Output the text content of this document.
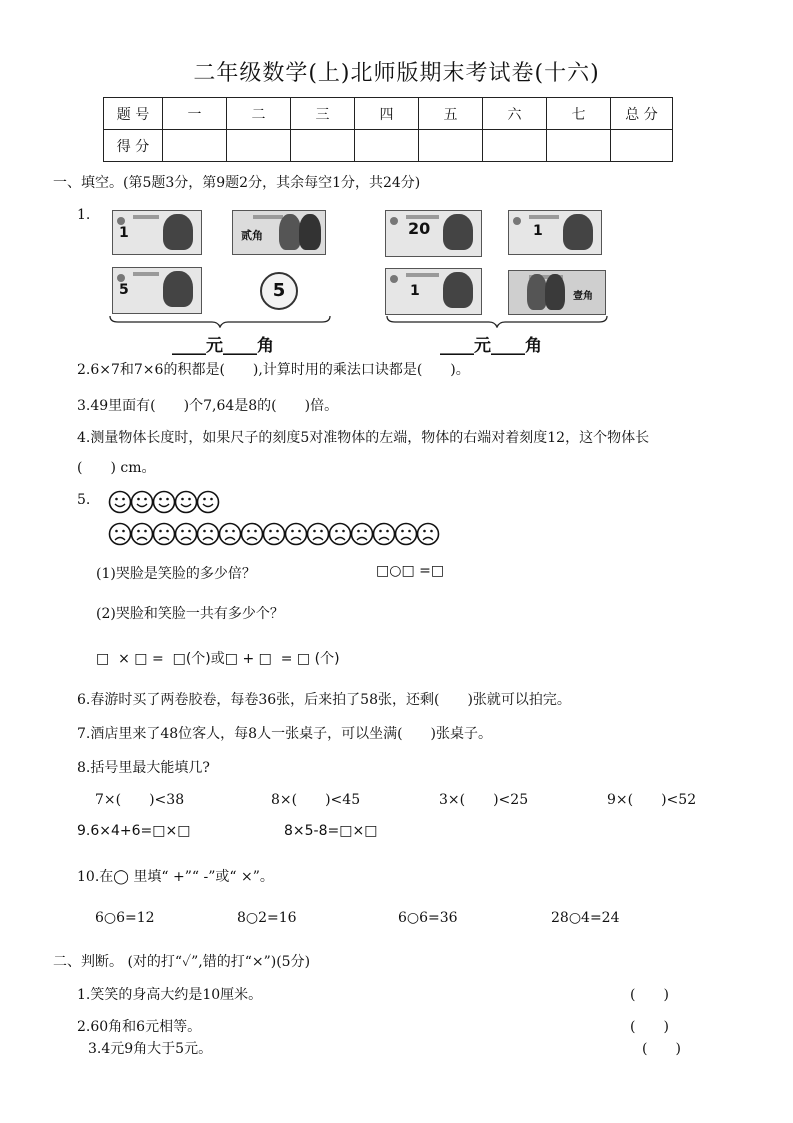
二年级数学(上)北师版期末考试卷(十六)
题 号	一	二	三	四	五	六	七	总 分
得 分								
一、填空。(第5题3分，第9题2分，其余每空1分，共24分)
1.
1	贰角
5	5
____元____角
20	1
1	壹角
____元____角
2.6×7和7×6的积都是(　　),计算时用的乘法口诀都是(　　)。
3.49里面有(　　)个7,64是8的(　　)倍。
4.测量物体长度时，如果尺子的刻度5对准物体的左端，物体的右端对着刻度12，这个物体长
(　　) cm。
5.
(1)哭脸是笑脸的多少倍？	□○□ =□
(2)哭脸和笑脸一共有多少个？
□  × □ =  □(个)或□ + □  = □ (个)
6.春游时买了两卷胶卷，每卷36张，后来拍了58张，还剩(　　)张就可以拍完。
7.酒店里来了48位客人，每8人一张桌子，可以坐满(　　)张桌子。
8.括号里最大能填几?
7×(　　)<38	8×(　　)<45	3×(　　)<25	9×(　　)<52
9.6×4+6=□×□	8×5-8=□×□
10.在◯ 里填“ +”“ -”或“ ×”。
6○6=12	8○2=16	6○6=36	28○4=24
二、判断。 (对的打“✓”,错的打“×”)(5分)
1.笑笑的身高大约是10厘米。	(　　)
2.60角和6元相等。	(　　)
3.4元9角大于5元。	(　　)
